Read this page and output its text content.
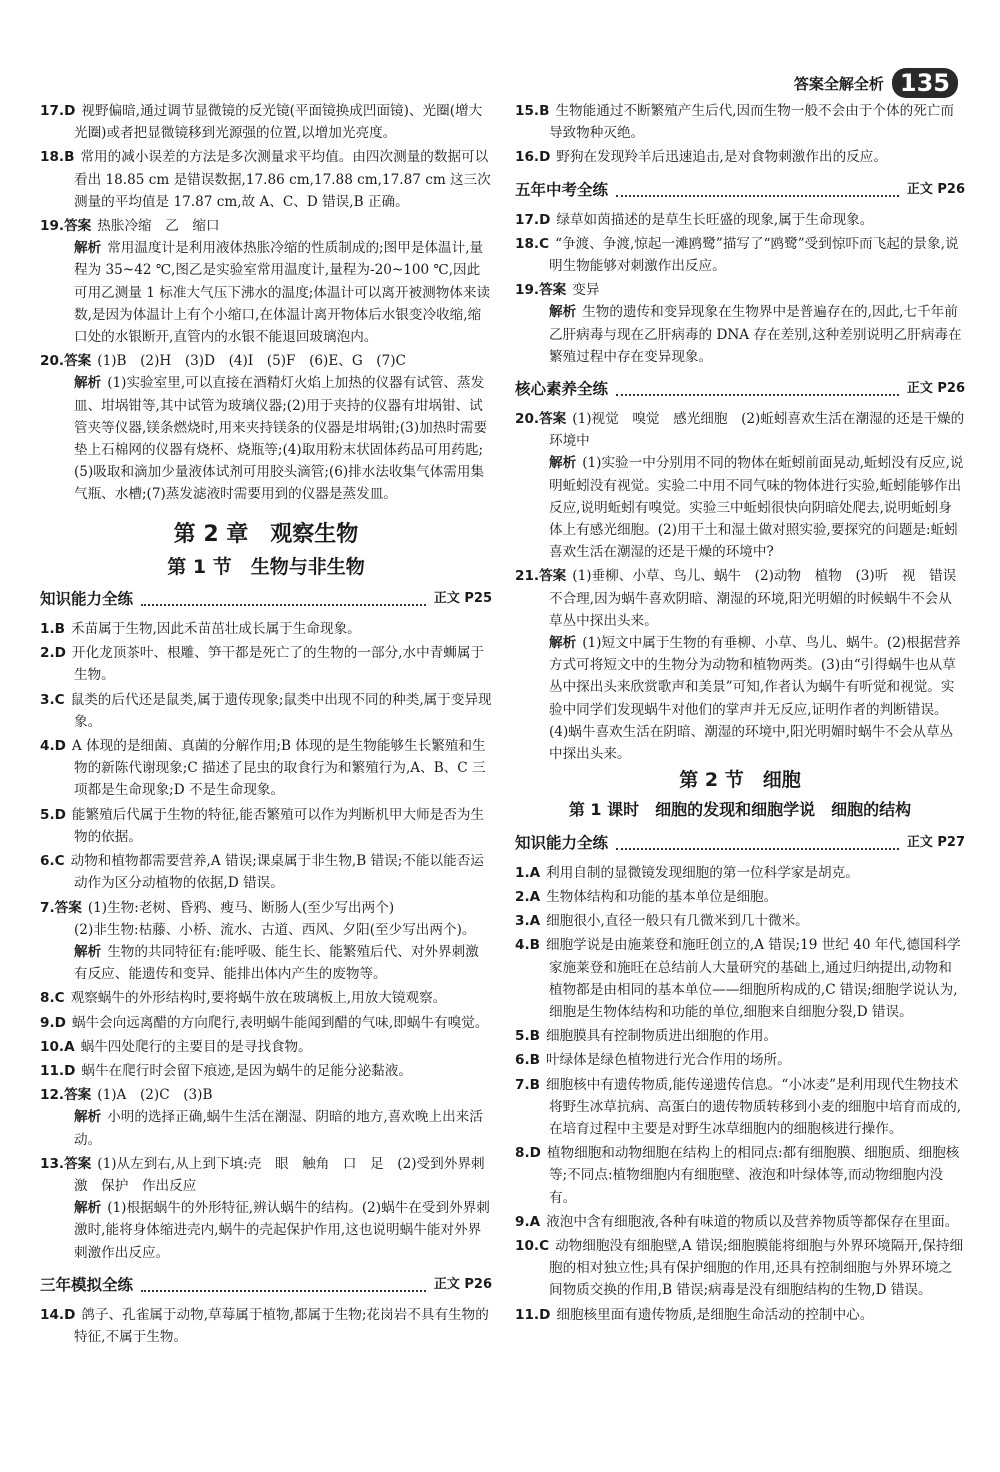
答案全解全析 135
17.D 视野偏暗,通过调节显微镜的反光镜(平面镜换成凹面镜)、光圈(增大光圈)或者把显微镜移到光源强的位置,以增加光亮度。
18.B 常用的减小误差的方法是多次测量求平均值。由四次测量的数据可以看出 18.85 cm 是错误数据,17.86 cm,17.88 cm,17.87 cm 这三次测量的平均值是 17.87 cm,故 A、C、D 错误,B 正确。
19.答案 热胀冷缩　乙　缩口
解析 常用温度计是利用液体热胀冷缩的性质制成的;图甲是体温计,量程为 35~42 ℃,图乙是实验室常用温度计,量程为-20~100 ℃,因此可用乙测量 1 标准大气压下沸水的温度;体温计可以离开被测物体来读数,是因为体温计上有个小缩口,在体温计离开物体后水银变冷收缩,缩口处的水银断开,直管内的水银不能退回玻璃泡内。
20.答案 (1)B　(2)H　(3)D　(4)I　(5)F　(6)E、G　(7)C
解析 (1)实验室里,可以直接在酒精灯火焰上加热的仪器有试管、蒸发皿、坩埚钳等,其中试管为玻璃仪器;(2)用于夹持的仪器有坩埚钳、试管夹等仪器,镁条燃烧时,用来夹持镁条的仪器是坩埚钳;(3)加热时需要垫上石棉网的仪器有烧杯、烧瓶等;(4)取用粉末状固体药品可用药匙;(5)吸取和滴加少量液体试剂可用胶头滴管;(6)排水法收集气体需用集气瓶、水槽;(7)蒸发滤液时需要用到的仪器是蒸发皿。
第 2 章　观察生物
第 1 节　生物与非生物
知识能力全练	正文 P25
1.B 禾苗属于生物,因此禾苗茁壮成长属于生命现象。
2.D 开化龙顶茶叶、根雕、笋干都是死亡了的生物的一部分,水中青蛳属于生物。
3.C 鼠类的后代还是鼠类,属于遗传现象;鼠类中出现不同的种类,属于变异现象。
4.D A 体现的是细菌、真菌的分解作用;B 体现的是生物能够生长繁殖和生物的新陈代谢现象;C 描述了昆虫的取食行为和繁殖行为,A、B、C 三项都是生命现象;D 不是生命现象。
5.D 能繁殖后代属于生物的特征,能否繁殖可以作为判断机甲大师是否为生物的依据。
6.C 动物和植物都需要营养,A 错误;课桌属于非生物,B 错误;不能以能否运动作为区分动植物的依据,D 错误。
7.答案 (1)生物:老树、昏鸦、瘦马、断肠人(至少写出两个)
(2)非生物:枯藤、小桥、流水、古道、西风、夕阳(至少写出两个)。
解析 生物的共同特征有:能呼吸、能生长、能繁殖后代、对外界刺激有反应、能遗传和变异、能排出体内产生的废物等。
8.C 观察蜗牛的外形结构时,要将蜗牛放在玻璃板上,用放大镜观察。
9.D 蜗牛会向远离醋的方向爬行,表明蜗牛能闻到醋的气味,即蜗牛有嗅觉。
10.A 蜗牛四处爬行的主要目的是寻找食物。
11.D 蜗牛在爬行时会留下痕迹,是因为蜗牛的足能分泌黏液。
12.答案 (1)A　(2)C　(3)B
解析 小明的选择正确,蜗牛生活在潮湿、阴暗的地方,喜欢晚上出来活动。
13.答案 (1)从左到右,从上到下填:壳　眼　触角　口　足　(2)受到外界刺激　保护　作出反应
解析 (1)根据蜗牛的外形特征,辨认蜗牛的结构。(2)蜗牛在受到外界刺激时,能将身体缩进壳内,蜗牛的壳起保护作用,这也说明蜗牛能对外界刺激作出反应。
三年模拟全练	正文 P26
14.D 鸽子、孔雀属于动物,草莓属于植物,都属于生物;花岗岩不具有生物的特征,不属于生物。
15.B 生物能通过不断繁殖产生后代,因而生物一般不会由于个体的死亡而导致物种灭绝。
16.D 野狗在发现羚羊后迅速追击,是对食物刺激作出的反应。
五年中考全练	正文 P26
17.D 绿草如茵描述的是草生长旺盛的现象,属于生命现象。
18.C “争渡、争渡,惊起一滩鸥鹭”描写了“鸥鹭”受到惊吓而飞起的景象,说明生物能够对刺激作出反应。
19.答案 变异
解析 生物的遗传和变异现象在生物界中是普遍存在的,因此,七千年前乙肝病毒与现在乙肝病毒的 DNA 存在差别,这种差别说明乙肝病毒在繁殖过程中存在变异现象。
核心素养全练	正文 P26
20.答案 (1)视觉　嗅觉　感光细胞　(2)蚯蚓喜欢生活在潮湿的还是干燥的环境中
解析 (1)实验一中分别用不同的物体在蚯蚓前面晃动,蚯蚓没有反应,说明蚯蚓没有视觉。实验二中用不同气味的物体进行实验,蚯蚓能够作出反应,说明蚯蚓有嗅觉。实验三中蚯蚓很快向阴暗处爬去,说明蚯蚓身体上有感光细胞。(2)用干土和湿土做对照实验,要探究的问题是:蚯蚓喜欢生活在潮湿的还是干燥的环境中?
21.答案 (1)垂柳、小草、鸟儿、蜗牛　(2)动物　植物　(3)听　视　错误　不合理,因为蜗牛喜欢阴暗、潮湿的环境,阳光明媚的时候蜗牛不会从草丛中探出头来。
解析 (1)短文中属于生物的有垂柳、小草、鸟儿、蜗牛。(2)根据营养方式可将短文中的生物分为动物和植物两类。(3)由“引得蜗牛也从草丛中探出头来欣赏歌声和美景”可知,作者认为蜗牛有听觉和视觉。实验中同学们发现蜗牛对他们的掌声并无反应,证明作者的判断错误。(4)蜗牛喜欢生活在阴暗、潮湿的环境中,阳光明媚时蜗牛不会从草丛中探出头来。
第 2 节　细胞
第 1 课时　细胞的发现和细胞学说　细胞的结构
知识能力全练	正文 P27
1.A 利用自制的显微镜发现细胞的第一位科学家是胡克。
2.A 生物体结构和功能的基本单位是细胞。
3.A 细胞很小,直径一般只有几微米到几十微米。
4.B 细胞学说是由施莱登和施旺创立的,A 错误;19 世纪 40 年代,德国科学家施莱登和施旺在总结前人大量研究的基础上,通过归纳提出,动物和植物都是由相同的基本单位——细胞所构成的,C 错误;细胞学说认为,细胞是生物体结构和功能的单位,细胞来自细胞分裂,D 错误。
5.B 细胞膜具有控制物质进出细胞的作用。
6.B 叶绿体是绿色植物进行光合作用的场所。
7.B 细胞核中有遗传物质,能传递遗传信息。“小冰麦”是利用现代生物技术将野生冰草抗病、高蛋白的遗传物质转移到小麦的细胞中培育而成的,在培育过程中主要是对野生冰草细胞内的细胞核进行操作。
8.D 植物细胞和动物细胞在结构上的相同点:都有细胞膜、细胞质、细胞核等;不同点:植物细胞内有细胞壁、液泡和叶绿体等,而动物细胞内没有。
9.A 液泡中含有细胞液,各种有味道的物质以及营养物质等都保存在里面。
10.C 动物细胞没有细胞壁,A 错误;细胞膜能将细胞与外界环境隔开,保持细胞的相对独立性;具有保护细胞的作用,还具有控制细胞与外界环境之间物质交换的作用,B 错误;病毒是没有细胞结构的生物,D 错误。
11.D 细胞核里面有遗传物质,是细胞生命活动的控制中心。
